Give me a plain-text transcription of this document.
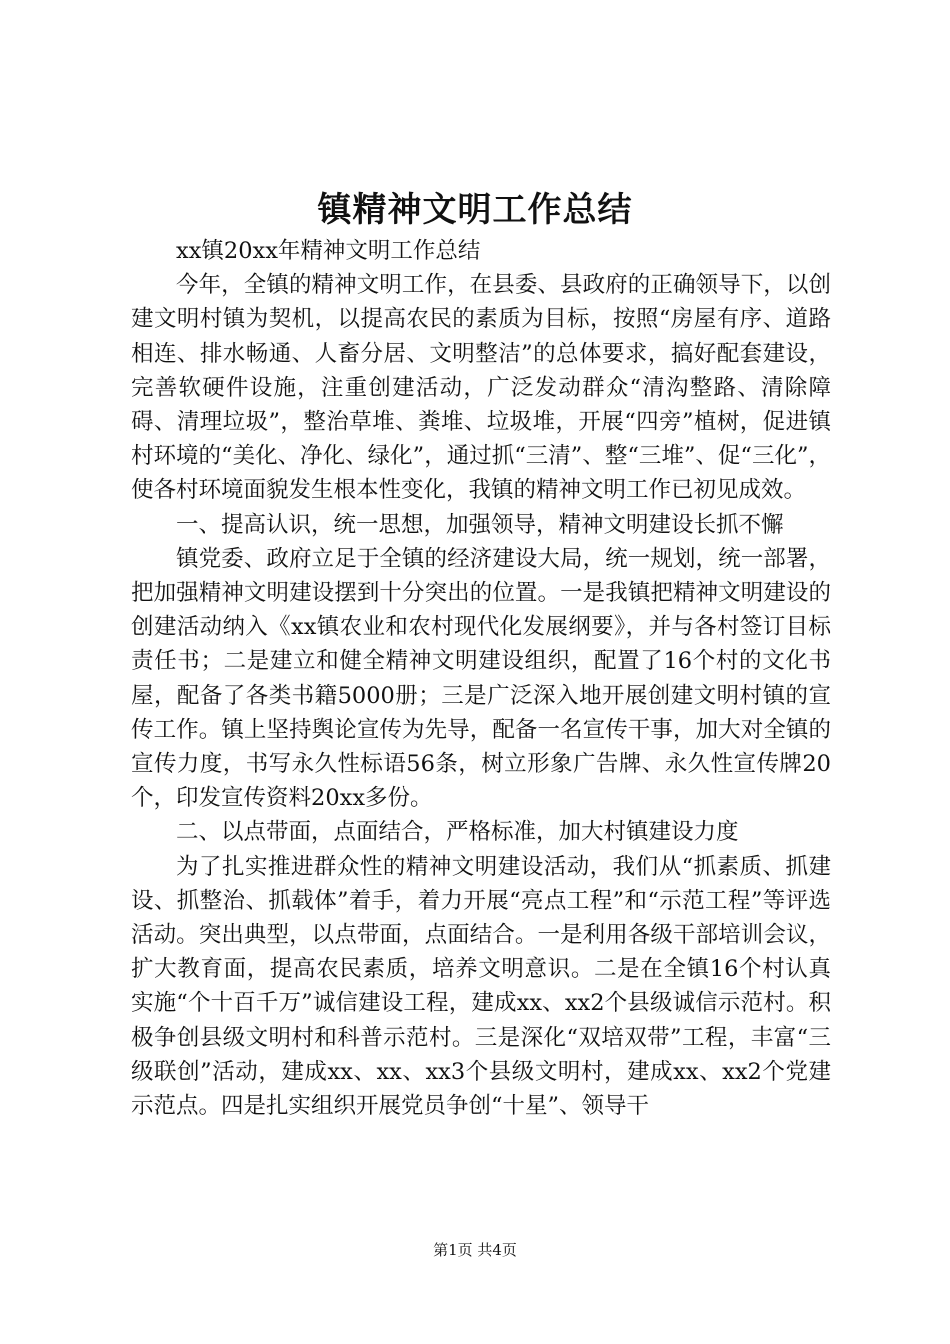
镇精神文明工作总结

xx镇20xx年精神文明工作总结

今年，全镇的精神文明工作，在县委、县政府的正确领导下，以创建文明村镇为契机，以提高农民的素质为目标，按照“房屋有序、道路相连、排水畅通、人畜分居、文明整洁”的总体要求，搞好配套建设，完善软硬件设施，注重创建活动，广泛发动群众“清沟整路、清除障碍、清理垃圾”，整治草堆、粪堆、垃圾堆，开展“四旁”植树，促进镇村环境的“美化、净化、绿化”，通过抓“三清”、整“三堆”、促“三化”，使各村环境面貌发生根本性变化，我镇的精神文明工作已初见成效。

一、提高认识，统一思想，加强领导，精神文明建设长抓不懈

镇党委、政府立足于全镇的经济建设大局，统一规划，统一部署，把加强精神文明建设摆到十分突出的位置。一是我镇把精神文明建设的创建活动纳入《xx镇农业和农村现代化发展纲要》，并与各村签订目标责任书；二是建立和健全精神文明建设组织，配置了16个村的文化书屋，配备了各类书籍5000册；三是广泛深入地开展创建文明村镇的宣传工作。镇上坚持舆论宣传为先导，配备一名宣传干事，加大对全镇的宣传力度，书写永久性标语56条，树立形象广告牌、永久性宣传牌20个，印发宣传资料20xx多份。

二、以点带面，点面结合，严格标准，加大村镇建设力度

为了扎实推进群众性的精神文明建设活动，我们从“抓素质、抓建设、抓整治、抓载体”着手，着力开展“亮点工程”和“示范工程”等评选活动。突出典型，以点带面，点面结合。一是利用各级干部培训会议，扩大教育面，提高农民素质，培养文明意识。二是在全镇16个村认真实施“个十百千万”诚信建设工程，建成xx、xx2个县级诚信示范村。积极争创县级文明村和科普示范村。三是深化“双培双带”工程，丰富“三级联创”活动，建成xx、xx、xx3个县级文明村，建成xx、xx2个党建示范点。四是扎实组织开展党员争创“十星”、领导干

第1页 共4页
